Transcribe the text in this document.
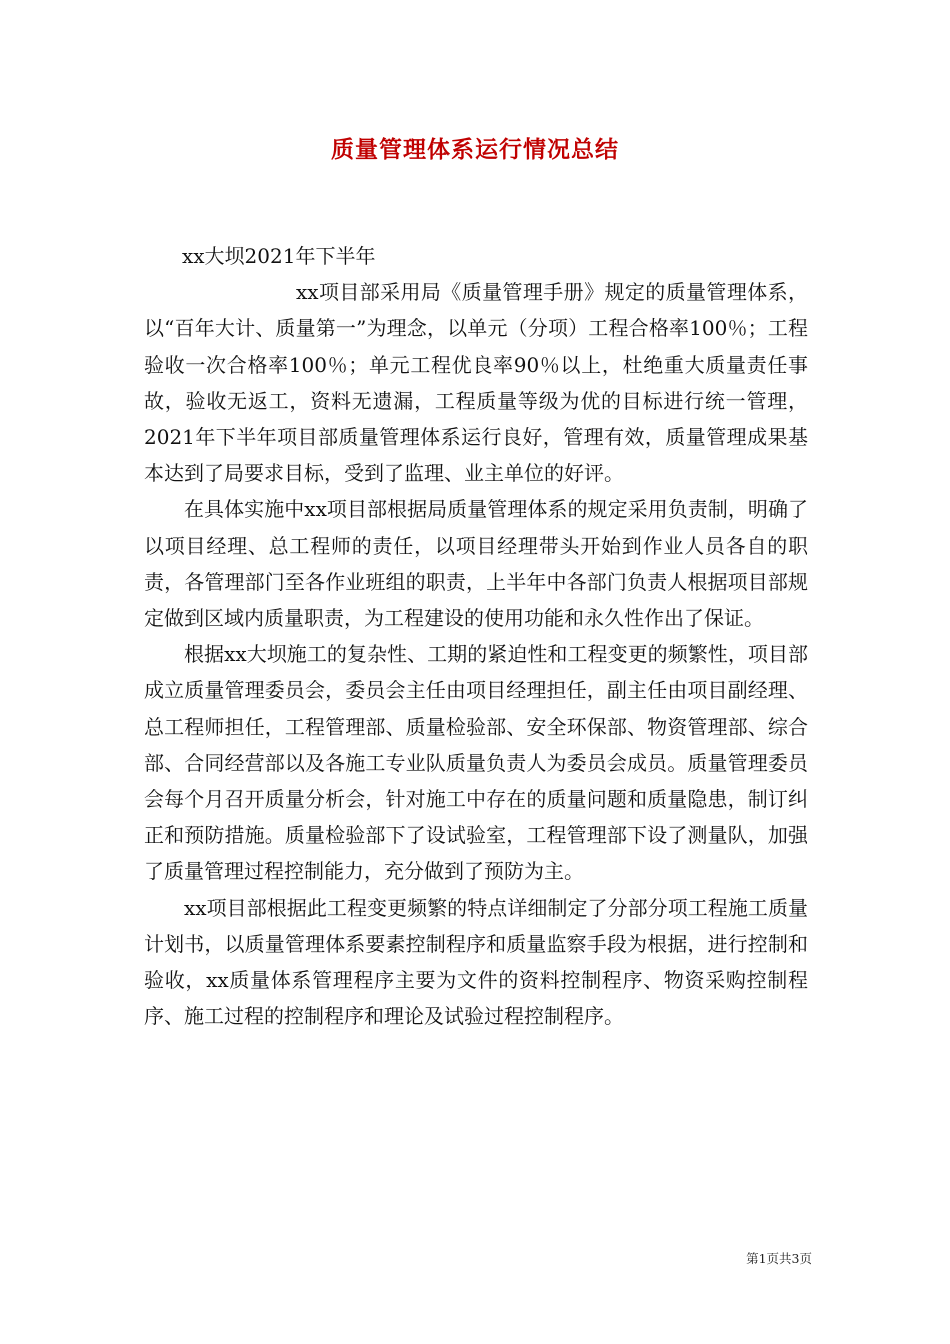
质量管理体系运行情况总结

xx大坝2021年下半年

xx项目部采用局《质量管理手册》规定的质量管理体系，以“百年大计、质量第一”为理念，以单元（分项）工程合格率100％；工程验收一次合格率100％；单元工程优良率90％以上，杜绝重大质量责任事故，验收无返工，资料无遗漏，工程质量等级为优的目标进行统一管理，2021年下半年项目部质量管理体系运行良好，管理有效，质量管理成果基本达到了局要求目标，受到了监理、业主单位的好评。

在具体实施中xx项目部根据局质量管理体系的规定采用负责制，明确了以项目经理、总工程师的责任，以项目经理带头开始到作业人员各自的职责，各管理部门至各作业班组的职责，上半年中各部门负责人根据项目部规定做到区域内质量职责，为工程建设的使用功能和永久性作出了保证。

根据xx大坝施工的复杂性、工期的紧迫性和工程变更的频繁性，项目部成立质量管理委员会，委员会主任由项目经理担任，副主任由项目副经理、总工程师担任，工程管理部、质量检验部、安全环保部、物资管理部、综合部、合同经营部以及各施工专业队质量负责人为委员会成员。质量管理委员会每个月召开质量分析会，针对施工中存在的质量问题和质量隐患，制订纠正和预防措施。质量检验部下了设试验室，工程管理部下设了测量队，加强了质量管理过程控制能力，充分做到了预防为主。

xx项目部根据此工程变更频繁的特点详细制定了分部分项工程施工质量计划书，以质量管理体系要素控制程序和质量监察手段为根据，进行控制和验收，xx质量体系管理程序主要为文件的资料控制程序、物资采购控制程序、施工过程的控制程序和理论及试验过程控制程序。

第1页共3页
